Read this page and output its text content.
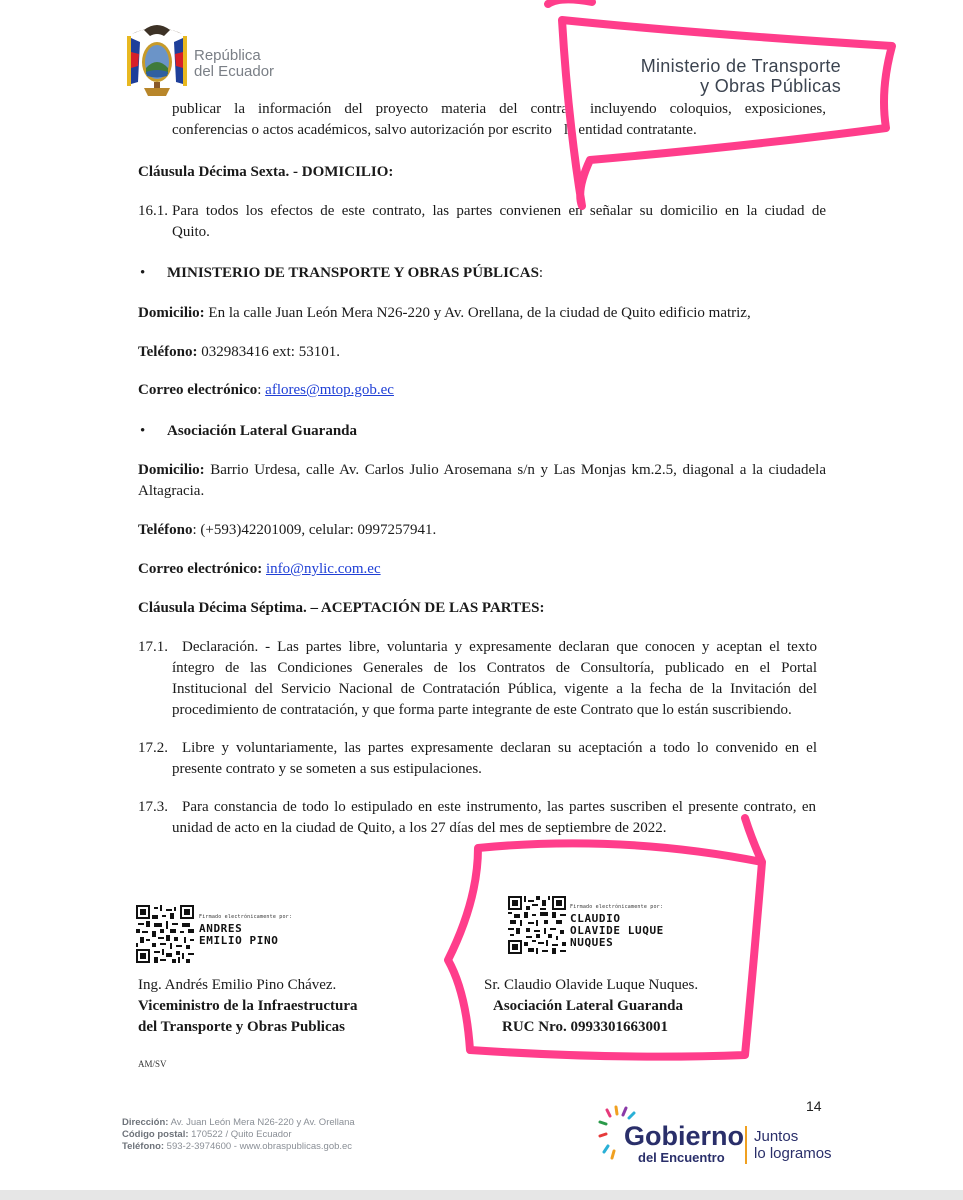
República
del Ecuador	Ministerio de Transporte
y Obras Públicas
publicar la información del proyecto materia del contra incluyendo coloquios, exposiciones,
conferencias o actos académicos, salvo autorización por escrito la entidad contratante.
Cláusula Décima Sexta. - DOMICILIO:
16.1. Para todos los efectos de este contrato, las partes convienen en señalar su domicilio en la ciudad de
Quito.
• MINISTERIO DE TRANSPORTE Y OBRAS PÚBLICAS:
Domicilio: En la calle Juan León Mera N26-220 y Av. Orellana, de la ciudad de Quito edificio matriz,
Teléfono: 032983416 ext: 53101.
Correo electrónico: aflores@mtop.gob.ec
• Asociación Lateral Guaranda
Domicilio: Barrio Urdesa, calle Av. Carlos Julio Arosemana s/n y Las Monjas km.2.5, diagonal a la ciudadela
Altagracia.
Teléfono: (+593)42201009, celular: 0997257941.
Correo electrónico: info@nylic.com.ec
Cláusula Décima Séptima. – ACEPTACIÓN DE LAS PARTES:
17.1. Declaración. - Las partes libre, voluntaria y expresamente declaran que conocen y aceptan el texto
íntegro de las Condiciones Generales de los Contratos de Consultoría, publicado en el Portal
Institucional del Servicio Nacional de Contratación Pública, vigente a la fecha de la Invitación del
procedimiento de contratación, y que forma parte integrante de este Contrato que lo están suscribiendo.
17.2. Libre y voluntariamente, las partes expresamente declaran su aceptación a todo lo convenido en el
presente contrato y se someten a sus estipulaciones.
17.3. Para constancia de todo lo estipulado en este instrumento, las partes suscriben el presente contrato, en
unidad de acto en la ciudad de Quito, a los 27 días del mes de septiembre de 2022.
Firmado electrónicamente por:
ANDRES
EMILIO PINO
Ing. Andrés Emilio Pino Chávez.
Viceministro de la Infraestructura
del Transporte y Obras Publicas
Firmado electrónicamente por:
CLAUDIO
OLAVIDE LUQUE
NUQUES
Sr. Claudio Olavide Luque Nuques.
Asociación Lateral Guaranda
RUC Nro. 0993301663001
AM/SV
Dirección: Av. Juan León Mera N26-220 y Av. Orellana
Código postal: 170522 / Quito Ecuador
Teléfono: 593-2-3974600 - www.obraspublicas.gob.ec
14
Gobierno
del Encuentro
Juntos
lo logramos
